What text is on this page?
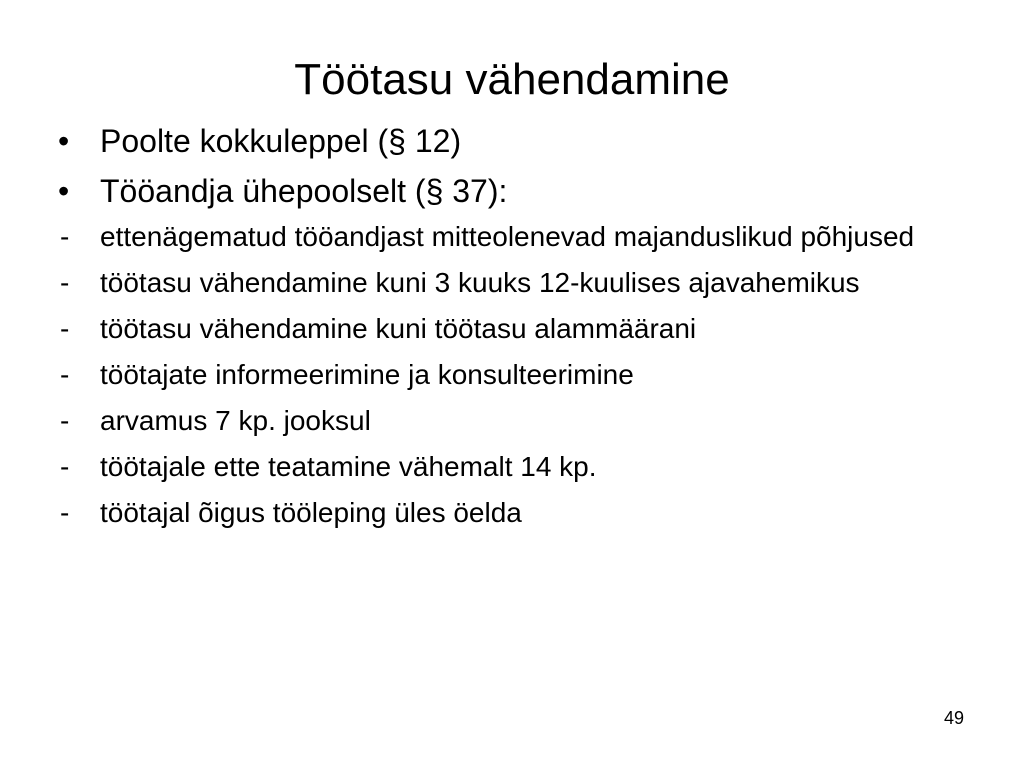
Töötasu vähendamine
• Poolte kokkuleppel (§ 12)
• Tööandja ühepoolselt (§ 37):
-	ettenägematud tööandjast mitteolenevad majanduslikud põhjused
-	töötasu vähendamine kuni 3 kuuks 12-kuulises ajavahemikus
-	töötasu vähendamine kuni töötasu alammäärani
-	töötajate informeerimine ja konsulteerimine
-	arvamus 7 kp. jooksul
-	töötajale ette teatamine vähemalt 14 kp.
-	töötajal õigus tööleping üles öelda
49
